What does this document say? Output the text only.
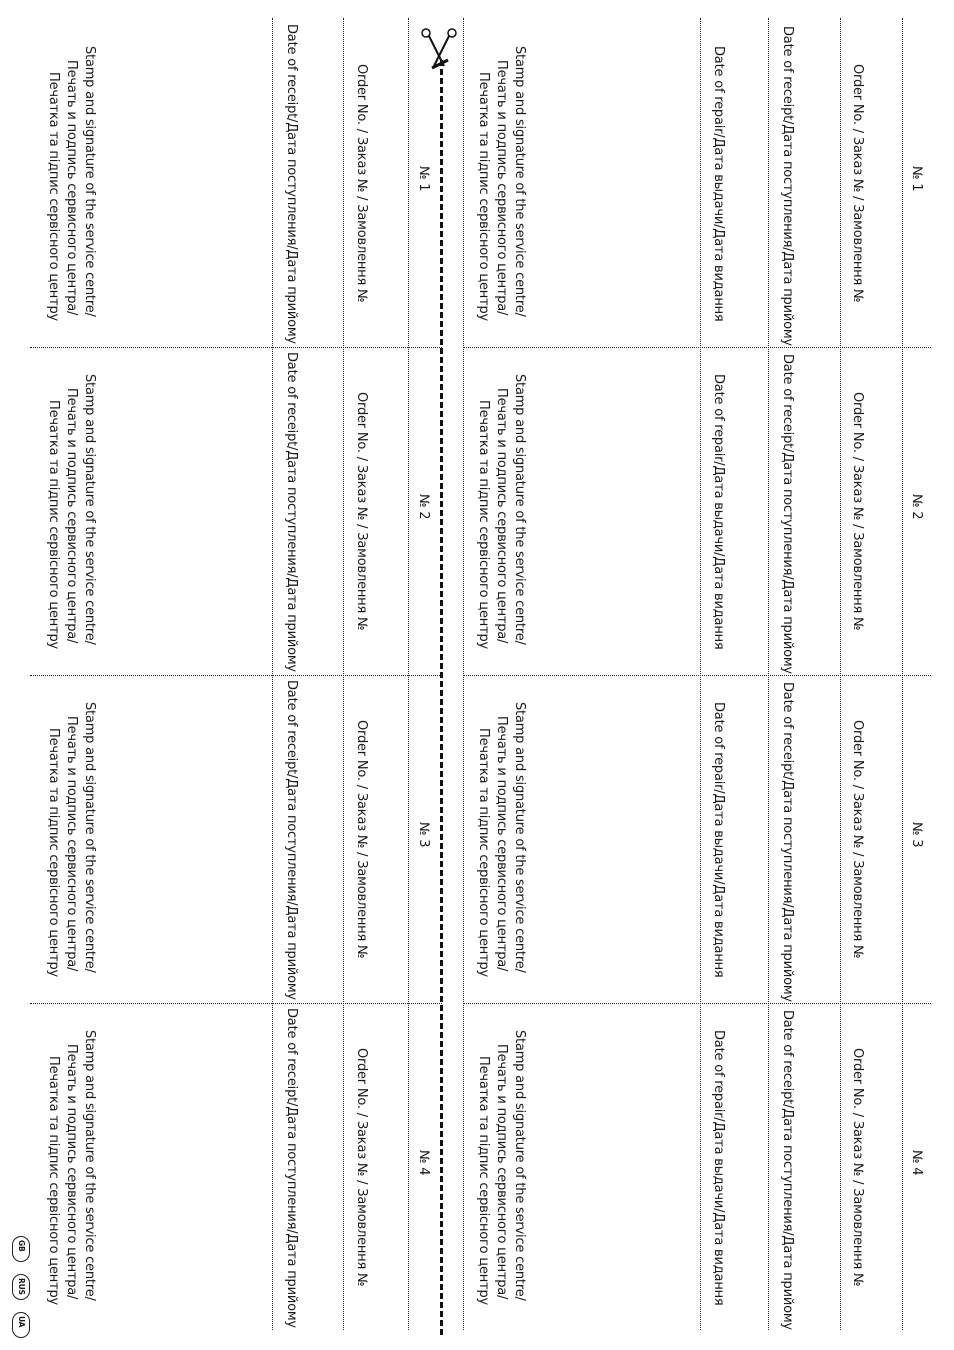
№ 1
Order No. / Заказ № / Замовлення №
Date of receipt/Дата поступления/Дата прийому
Date of repair/Дата выдачи/Дата видання
Stamp and signature of the service centre/
Печать и подпись сервисного центра/
Печатка та підпис сервісного центру
№ 1
Order No. / Заказ № / Замовлення №
Date of receipt/Дата поступления/Дата прийому
Stamp and signature of the service centre/
Печать и подпись сервисного центра/
Печатка та підпис сервісного центру
№ 2
Order No. / Заказ № / Замовлення №
Date of receipt/Дата поступления/Дата прийому
Date of repair/Дата выдачи/Дата видання
Stamp and signature of the service centre/
Печать и подпись сервисного центра/
Печатка та підпис сервісного центру
№ 2
Order No. / Заказ № / Замовлення №
Date of receipt/Дата поступления/Дата прийому
Stamp and signature of the service centre/
Печать и подпись сервисного центра/
Печатка та підпис сервісного центру
№ 3
Order No. / Заказ № / Замовлення №
Date of receipt/Дата поступления/Дата прийому
Date of repair/Дата выдачи/Дата видання
Stamp and signature of the service centre/
Печать и подпись сервисного центра/
Печатка та підпис сервісного центру
№ 3
Order No. / Заказ № / Замовлення №
Date of receipt/Дата поступления/Дата прийому
Stamp and signature of the service centre/
Печать и подпись сервисного центра/
Печатка та підпис сервісного центру
№ 4
Order No. / Заказ № / Замовлення №
Date of receipt/Дата поступления/Дата прийому
Date of repair/Дата выдачи/Дата видання
Stamp and signature of the service centre/
Печать и подпись сервисного центра/
Печатка та підпис сервісного центру
№ 4
Order No. / Заказ № / Замовлення №
Date of receipt/Дата поступления/Дата прийому
Stamp and signature of the service centre/
Печать и подпись сервисного центра/
Печатка та підпис сервісного центру
GB
RUS
UA
